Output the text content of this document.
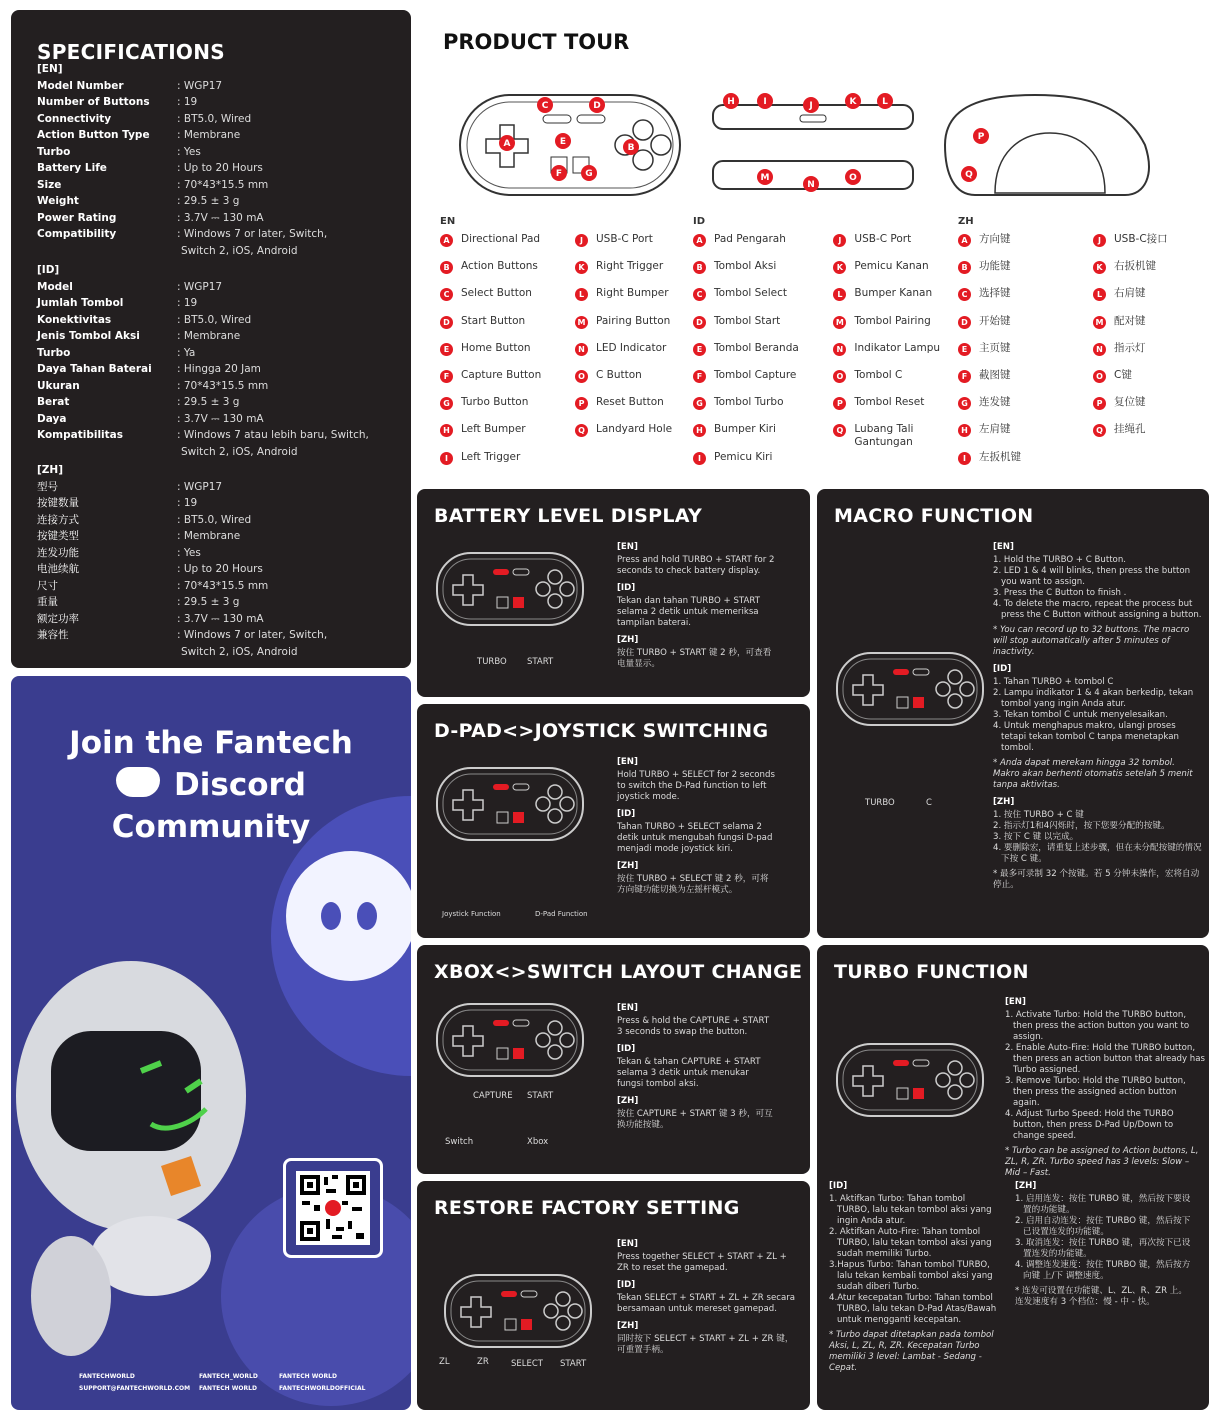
SPECIFICATIONS
[EN]
Model Number	: WGP17
Number of Buttons	: 19
Connectivity	: BT5.0, Wired
Action Button Type	: Membrane
Turbo	: Yes
Battery Life	: Up to 20 Hours
Size	: 70*43*15.5 mm
Weight	: 29.5 ± 3 g
Power Rating	: 3.7V ⎓ 130 mA
Compatibility	: Windows 7 or later, Switch,
Switch 2, iOS, Android
[ID]
Model	: WGP17
Jumlah Tombol	: 19
Konektivitas	: BT5.0, Wired
Jenis Tombol Aksi	: Membrane
Turbo	: Ya
Daya Tahan Baterai	: Hingga 20 Jam
Ukuran	: 70*43*15.5 mm
Berat	: 29.5 ± 3 g
Daya	: 3.7V ⎓ 130 mA
Kompatibilitas	: Windows 7 atau lebih baru, Switch,
Switch 2, iOS, Android
[ZH]
型号	: WGP17
按键数量	: 19
连接方式	: BT5.0, Wired
按键类型	: Membrane
连发功能	: Yes
电池续航	: Up to 20 Hours
尺寸	: 70*43*15.5 mm
重量	: 29.5 ± 3 g
额定功率	: 3.7V ⎓ 130 mA
兼容性	: Windows 7 or later, Switch,
Switch 2, iOS, Android
PRODUCT TOUR
A	B
C	D
E
F	G
H	I	J	K	L
M
N
O
P
Q
EN
A	Directional Pad
B	Action Buttons
C	Select Button
D	Start Button
E	Home Button
F	Capture Button
G	Turbo Button
H	Left Bumper
I	Left Trigger
J	USB-C Port
K	Right Trigger
L	Right Bumper
M Pairing Button
N	LED Indicator
O C Button
P	Reset Button
Q Landyard Hole
ID
A	Pad Pengarah
B	Tombol Aksi
C	Tombol Select
D	Tombol Start
E	Tombol Beranda
F	Tombol Capture
G	Tombol Turbo
H	Bumper Kiri
I	Pemicu Kiri
J	USB-C Port
K	Pemicu Kanan
L	Bumper Kanan
M Tombol Pairing
N	Indikator Lampu
O Tombol C
P	Tombol Reset
Q Lubang Tali Gantungan
ZH
A	方向键
B	功能键
C	选择键
D	开始键
E	主页键
F	截图键
G	连发键
H	左肩键
I	左扳机键
J	USB-C接口
K	右扳机键
L	右肩键
M 配对键
N	指示灯
O C键
P	复位键
Q 挂绳孔
Join the Fantech
Discord
Community
FANTECHWORLD
SUPPORT@FANTECHWORLD.COM
FANTECH_WORLD
FANTECH WORLD
FANTECH WORLD
FANTECHWORLDOFFICIAL
BATTERY LEVEL DISPLAY
TURBO START
[EN]
Press and hold TURBO + START for 2 seconds to check battery display.
[ID]
Tekan dan tahan TURBO + START selama 2 detik untuk memeriksa tampilan baterai.
[ZH]
按住 TURBO + START 键 2 秒，可查看电量显示。
D-PAD<>JOYSTICK SWITCHING
Joystick Function	D-Pad Function
[EN]
Hold TURBO + SELECT for 2 seconds to switch the D-Pad function to left joystick mode.
[ID]
Tahan TURBO + SELECT selama 2 detik untuk mengubah fungsi D-pad menjadi mode joystick kiri.
[ZH]
按住 TURBO + SELECT 键 2 秒，可将方向键功能切换为左摇杆模式。
XBOX<>SWITCH LAYOUT CHANGE
CAPTURE START
Switch	Xbox
[EN]
Press & hold the CAPTURE + START 3 seconds to swap the button.
[ID]
Tekan & tahan CAPTURE + START selama 3 detik untuk menukar fungsi tombol aksi.
[ZH]
按住 CAPTURE + START 键 3 秒，可互换功能按键。
RESTORE FACTORY SETTING
ZL	ZR	SELECT START
[EN]
Press together SELECT + START + ZL + ZR to reset the gamepad.
[ID]
Tekan SELECT + START + ZL + ZR secara bersamaan untuk mereset gamepad.
[ZH]
同时按下 SELECT + START + ZL + ZR 键，可重置手柄。
MACRO FUNCTION
TURBO	C
[EN]
1. Hold the TURBO + C Button.
2. LED 1 & 4 will blinks, then press the button you want to assign.
3. Press the C Button to finish .
4. To delete the macro, repeat the process but press the C Button without assigning a button.
* You can record up to 32 buttons. The macro will stop automatically after 5 minutes of inactivity.
[ID]
1. Tahan TURBO + tombol C
2. Lampu indikator 1 & 4 akan berkedip, tekan tombol yang ingin Anda atur.
3. Tekan tombol C untuk menyelesaikan.
4. Untuk menghapus makro, ulangi proses tetapi tekan tombol C tanpa menetapkan tombol.
* Anda dapat merekam hingga 32 tombol. Makro akan berhenti otomatis setelah 5 menit tanpa aktivitas.
[ZH]
1. 按住 TURBO + C 键
2. 指示灯1和4闪烁时，按下您要分配的按键。
3. 按下 C 键 以完成。
4. 要删除宏，请重复上述步骤，但在未分配按键的情况下按 C 键。
* 最多可录制 32 个按键。若 5 分钟未操作，宏将自动停止。
TURBO FUNCTION
[EN]
1. Activate Turbo: Hold the TURBO button, then press the action button you want to assign.
2. Enable Auto-Fire: Hold the TURBO button, then press an action button that already has Turbo assigned.
3. Remove Turbo: Hold the TURBO button, then press the assigned action button again.
4. Adjust Turbo Speed: Hold the TURBO button, then press D-Pad Up/Down to change speed.
* Turbo can be assigned to Action buttons, L, ZL, R, ZR. Turbo speed has 3 levels: Slow – Mid – Fast.
[ID]
1. Aktifkan Turbo: Tahan tombol TURBO, lalu tekan tombol aksi yang ingin Anda atur.
2. Aktifkan Auto-Fire: Tahan tombol TURBO, lalu tekan tombol aksi yang sudah memiliki Turbo.
3.Hapus Turbo: Tahan tombol TURBO, lalu tekan kembali tombol aksi yang sudah diberi Turbo.
4.Atur kecepatan Turbo: Tahan tombol TURBO, lalu tekan D-Pad Atas/Bawah untuk mengganti kecepatan.
* Turbo dapat ditetapkan pada tombol Aksi, L, ZL, R, ZR. Kecepatan Turbo memiliki 3 level: Lambat - Sedang - Cepat.
[ZH]
1. 启用连发：按住 TURBO 键，然后按下要设置的功能键。
2. 启用自动连发：按住 TURBO 键，然后按下已设置连发的功能键。
3. 取消连发：按住 TURBO 键，再次按下已设置连发的功能键。
4. 调整连发速度：按住 TURBO 键，然后按方向键 上/下 调整速度。
* 连发可设置在功能键、L、ZL、R、ZR 上。连发速度有 3 个档位：慢 - 中 - 快。
